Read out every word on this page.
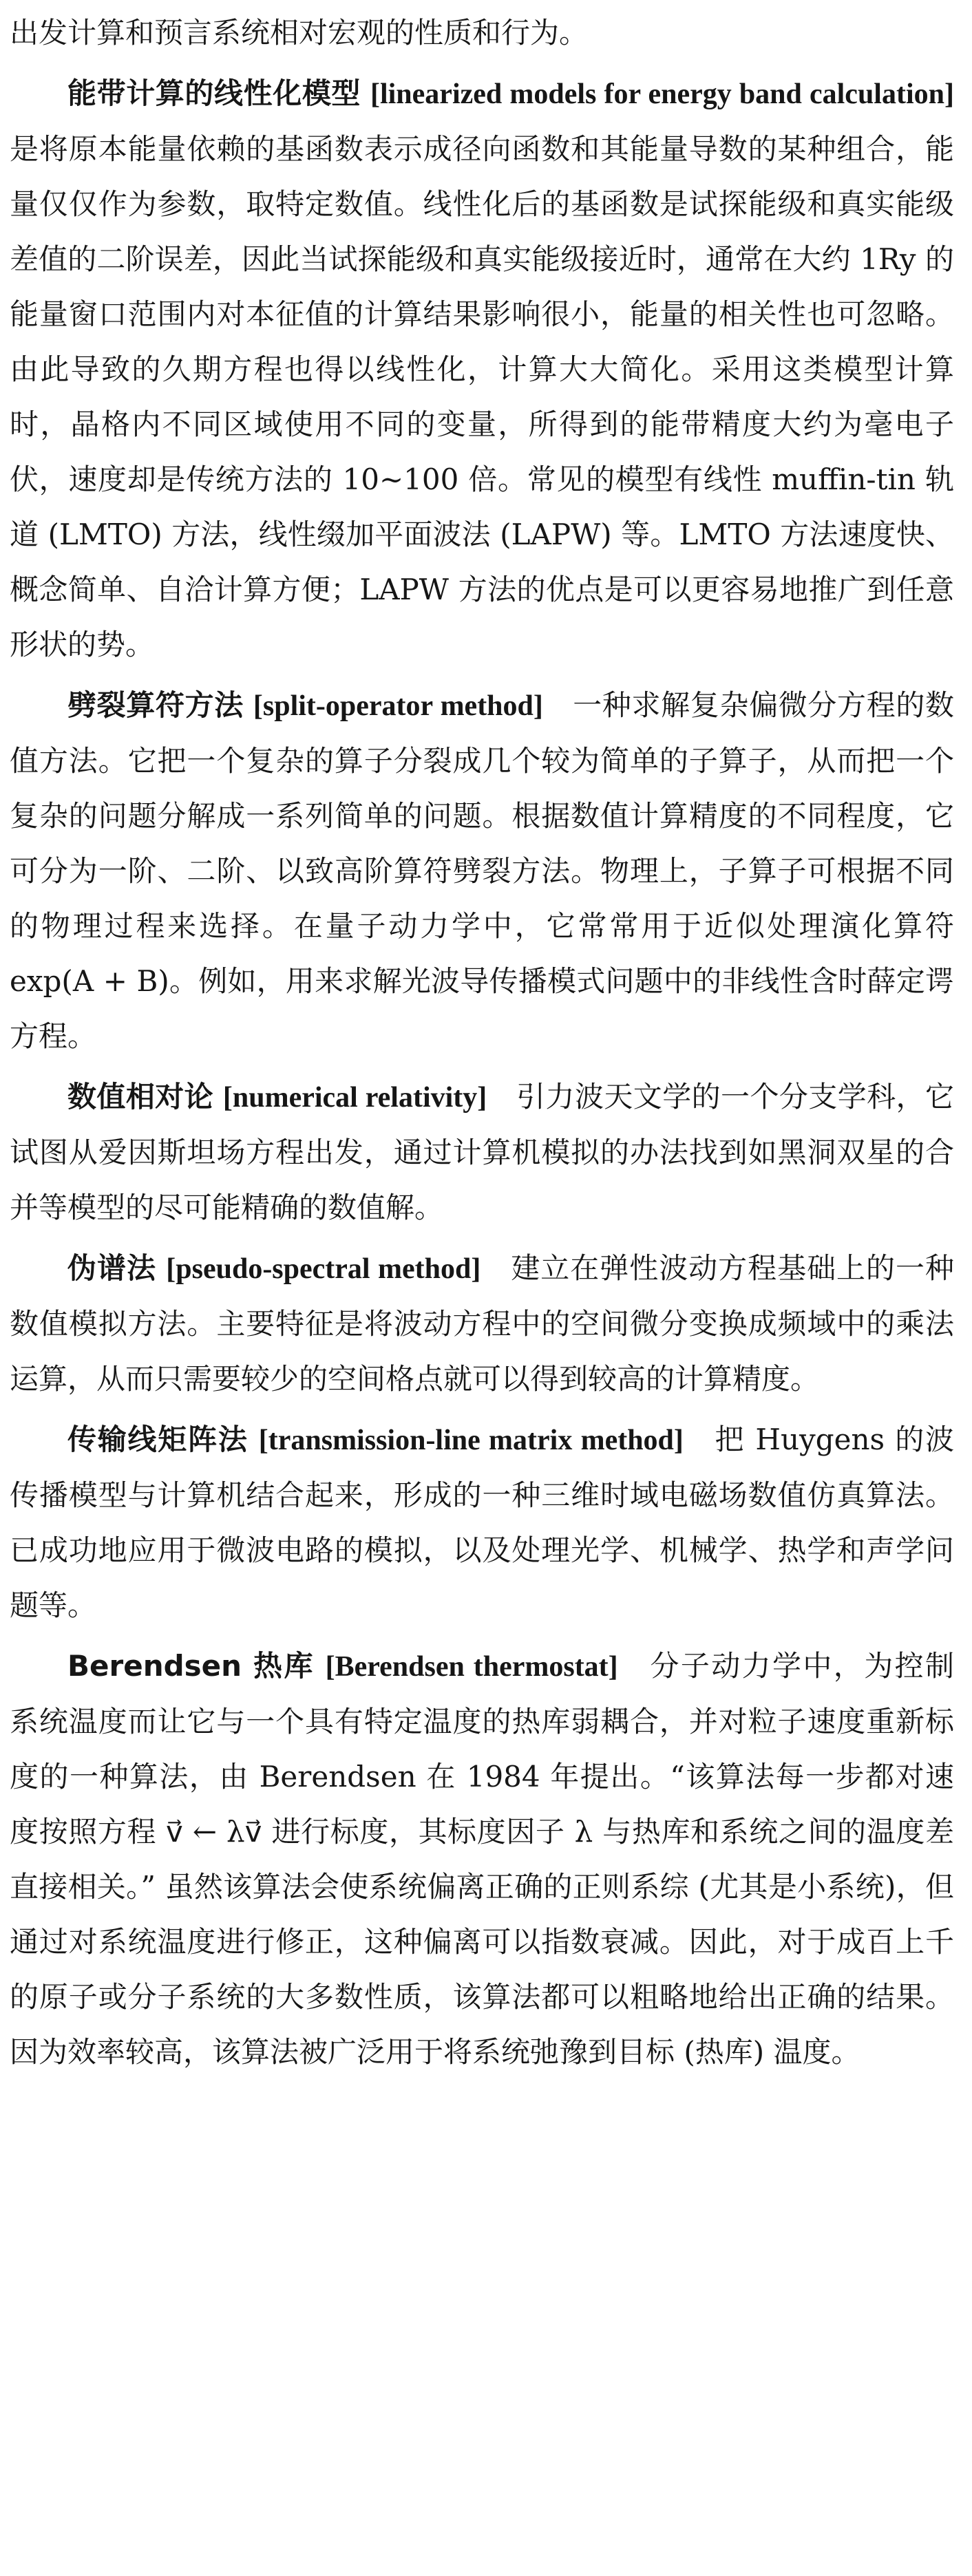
出发计算和预言系统相对宏观的性质和行为。

能带计算的线性化模型 [linearized models for energy band calculation]　是将原本能量依赖的基函数表示成径向函数和其能量导数的某种组合，能量仅仅作为参数，取特定数值。线性化后的基函数是试探能级和真实能级差值的二阶误差，因此当试探能级和真实能级接近时，通常在大约 1Ry 的能量窗口范围内对本征值的计算结果影响很小，能量的相关性也可忽略。由此导致的久期方程也得以线性化，计算大大简化。采用这类模型计算时，晶格内不同区域使用不同的变量，所得到的能带精度大约为毫电子伏，速度却是传统方法的 10∼100 倍。常见的模型有线性 muffin-tin 轨道 (LMTO) 方法，线性缀加平面波法 (LAPW) 等。LMTO 方法速度快、概念简单、自洽计算方便；LAPW 方法的优点是可以更容易地推广到任意形状的势。

劈裂算符方法 [split-operator method]　 一种求解复杂偏微分方程的数值方法。它把一个复杂的算子分裂成几个较为简单的子算子，从而把一个复杂的问题分解成一系列简单的问题。根据数值计算精度的不同程度，它可分为一阶、二阶、以致高阶算符劈裂方法。物理上，子算子可根据不同的物理过程来选择。在量子动力学中，它常常用于近似处理演化算符 exp(A + B)。例如，用来求解光波导传播模式问题中的非线性含时薛定谔方程。

数值相对论 [numerical relativity]　 引力波天文学的一个分支学科，它试图从爱因斯坦场方程出发，通过计算机模拟的办法找到如黑洞双星的合并等模型的尽可能精确的数值解。

伪谱法 [pseudo-spectral method]　 建立在弹性波动方程基础上的一种数值模拟方法。主要特征是将波动方程中的空间微分变换成频域中的乘法运算，从而只需要较少的空间格点就可以得到较高的计算精度。

传输线矩阵法 [transmission-line matrix method]　 把 Huygens 的波传播模型与计算机结合起来，形成的一种三维时域电磁场数值仿真算法。已成功地应用于微波电路的模拟，以及处理光学、机械学、热学和声学问题等。

Berendsen 热库 [Berendsen thermostat]　 分子动力学中，为控制系统温度而让它与一个具有特定温度的热库弱耦合，并对粒子速度重新标度的一种算法，由 Berendsen 在 1984 年提出。“该算法每一步都对速度按照方程 v⃗ ← λv⃗ 进行标度，其标度因子 λ 与热库和系统之间的温度差直接相关。” 虽然该算法会使系统偏离正确的正则系综 (尤其是小系统)，但通过对系统温度进行修正，这种偏离可以指数衰减。因此，对于成百上千的原子或分子系统的大多数性质，该算法都可以粗略地给出正确的结果。因为效率较高，该算法被广泛用于将系统弛豫到目标 (热库) 温度。
